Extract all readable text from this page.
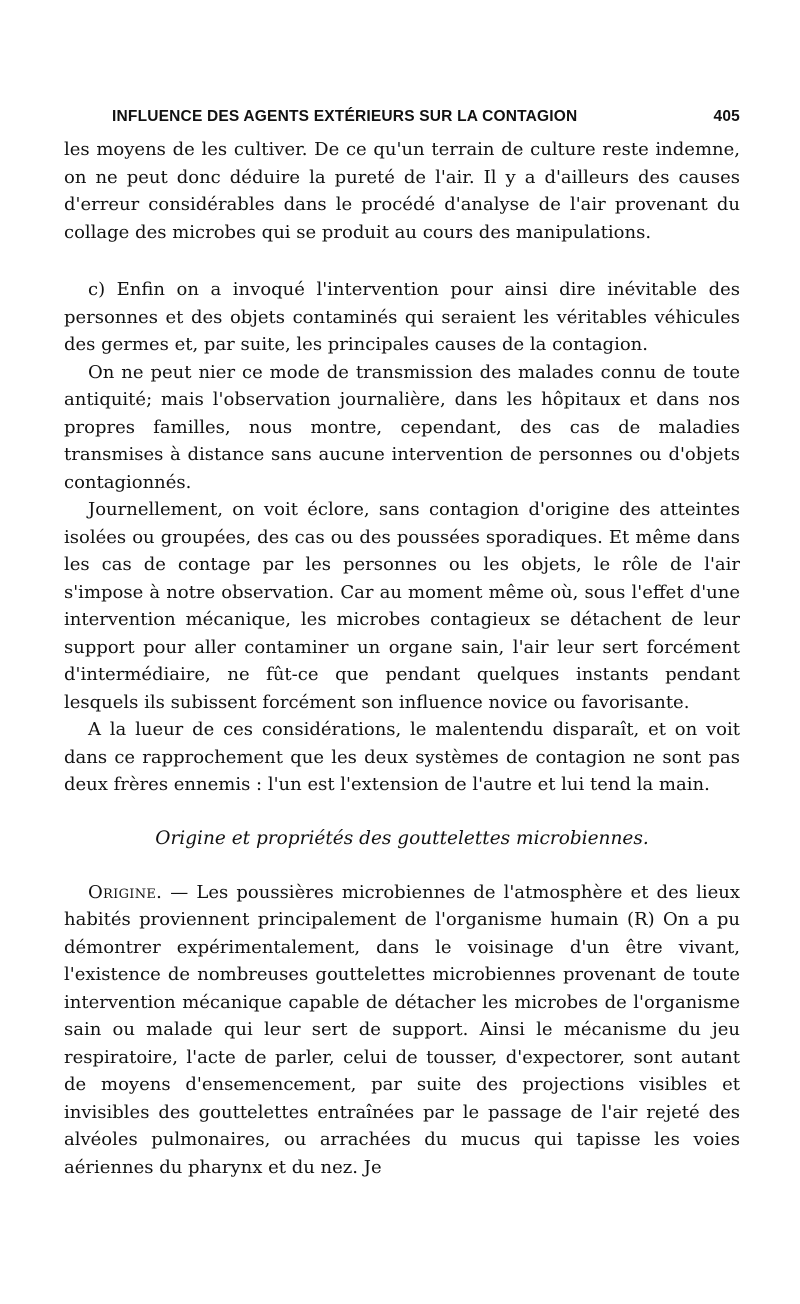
INFLUENCE DES AGENTS EXTÉRIEURS SUR LA CONTAGION	405

les moyens de les cultiver. De ce qu'un terrain de culture reste indemne, on ne peut donc déduire la pureté de l'air. Il y a d'ailleurs des causes d'erreur considérables dans le procédé d'analyse de l'air provenant du collage des microbes qui se produit au cours des manipulations.

c) Enfin on a invoqué l'intervention pour ainsi dire inévitable des personnes et des objets contaminés qui seraient les véritables véhicules des germes et, par suite, les principales causes de la contagion.

On ne peut nier ce mode de transmission des malades connu de toute antiquité; mais l'observation journalière, dans les hôpitaux et dans nos propres familles, nous montre, cependant, des cas de maladies transmises à distance sans aucune intervention de personnes ou d'objets contagionnés.

Journellement, on voit éclore, sans contagion d'origine des atteintes isolées ou groupées, des cas ou des poussées sporadiques. Et même dans les cas de contage par les personnes ou les objets, le rôle de l'air s'impose à notre observation. Car au moment même où, sous l'effet d'une intervention mécanique, les microbes contagieux se détachent de leur support pour aller contaminer un organe sain, l'air leur sert forcément d'intermédiaire, ne fût-ce que pendant quelques instants pendant lesquels ils subissent forcément son influence novice ou favorisante.

A la lueur de ces considérations, le malentendu disparaît, et on voit dans ce rapprochement que les deux systèmes de contagion ne sont pas deux frères ennemis : l'un est l'extension de l'autre et lui tend la main.

Origine et propriétés des gouttelettes microbiennes.

Origine. — Les poussières microbiennes de l'atmosphère et des lieux habités proviennent principalement de l'organisme humain (R) On a pu démontrer expérimentalement, dans le voisinage d'un être vivant, l'existence de nombreuses gouttelettes microbiennes provenant de toute intervention mécanique capable de détacher les microbes de l'organisme sain ou malade qui leur sert de support. Ainsi le mécanisme du jeu respiratoire, l'acte de parler, celui de tousser, d'expectorer, sont autant de moyens d'ensemencement, par suite des projections visibles et invisibles des gouttelettes entraînées par le passage de l'air rejeté des alvéoles pulmonaires, ou arrachées du mucus qui tapisse les voies aériennes du pharynx et du nez. Je
